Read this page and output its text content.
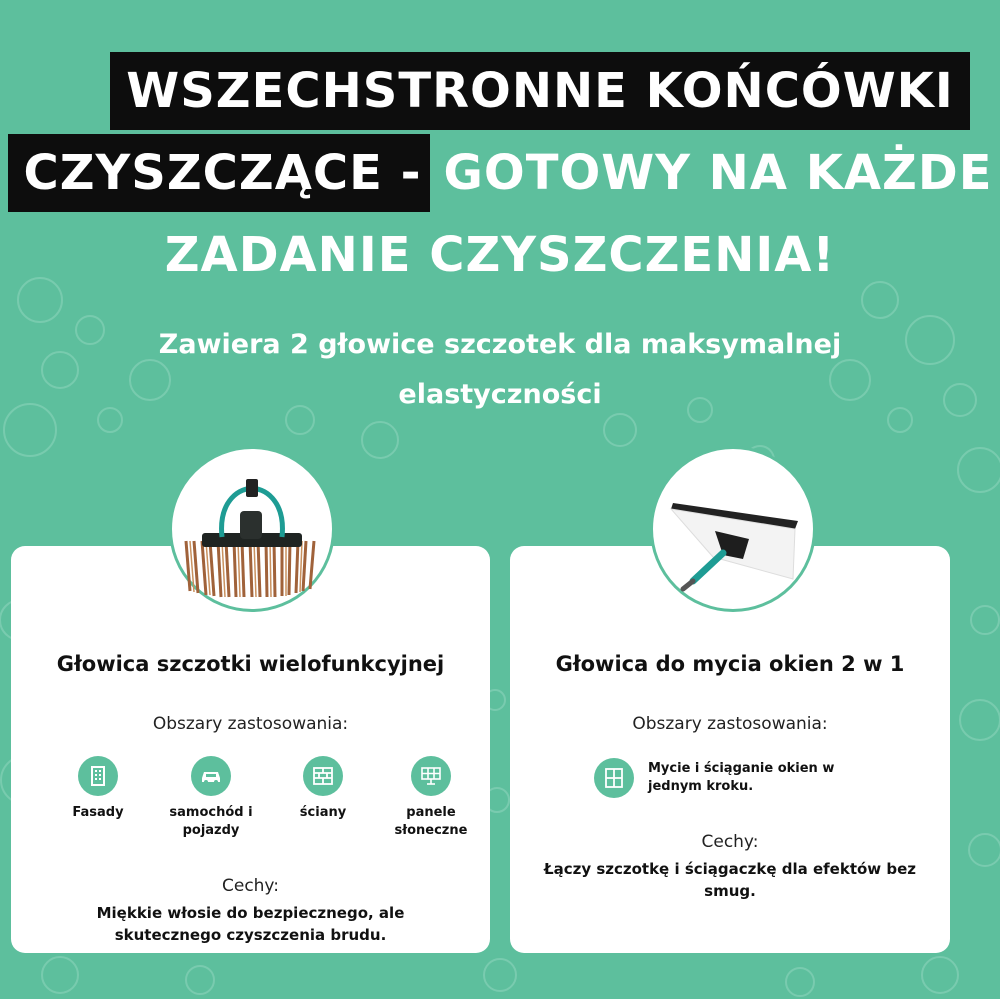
WSZECHSTRONNE KOŃCÓWKI
CZYSZCZĄCE - GOTOWY NA KAŻDE
ZADANIE CZYSZCZENIA!
Zawiera 2 głowice szczotek dla maksymalnej elastyczności
Głowica szczotki wielofunkcyjnej
Obszary zastosowania:
Fasady	samochód i pojazdy
ściany	panele słoneczne
Cechy:
Miękkie włosie do bezpiecznego, ale skutecznego czyszczenia brudu.
Głowica do mycia okien 2 w 1
Obszary zastosowania:
Mycie i ściąganie okien w jednym kroku.
Cechy:
Łączy szczotkę i ściągaczkę dla efektów bez smug.
